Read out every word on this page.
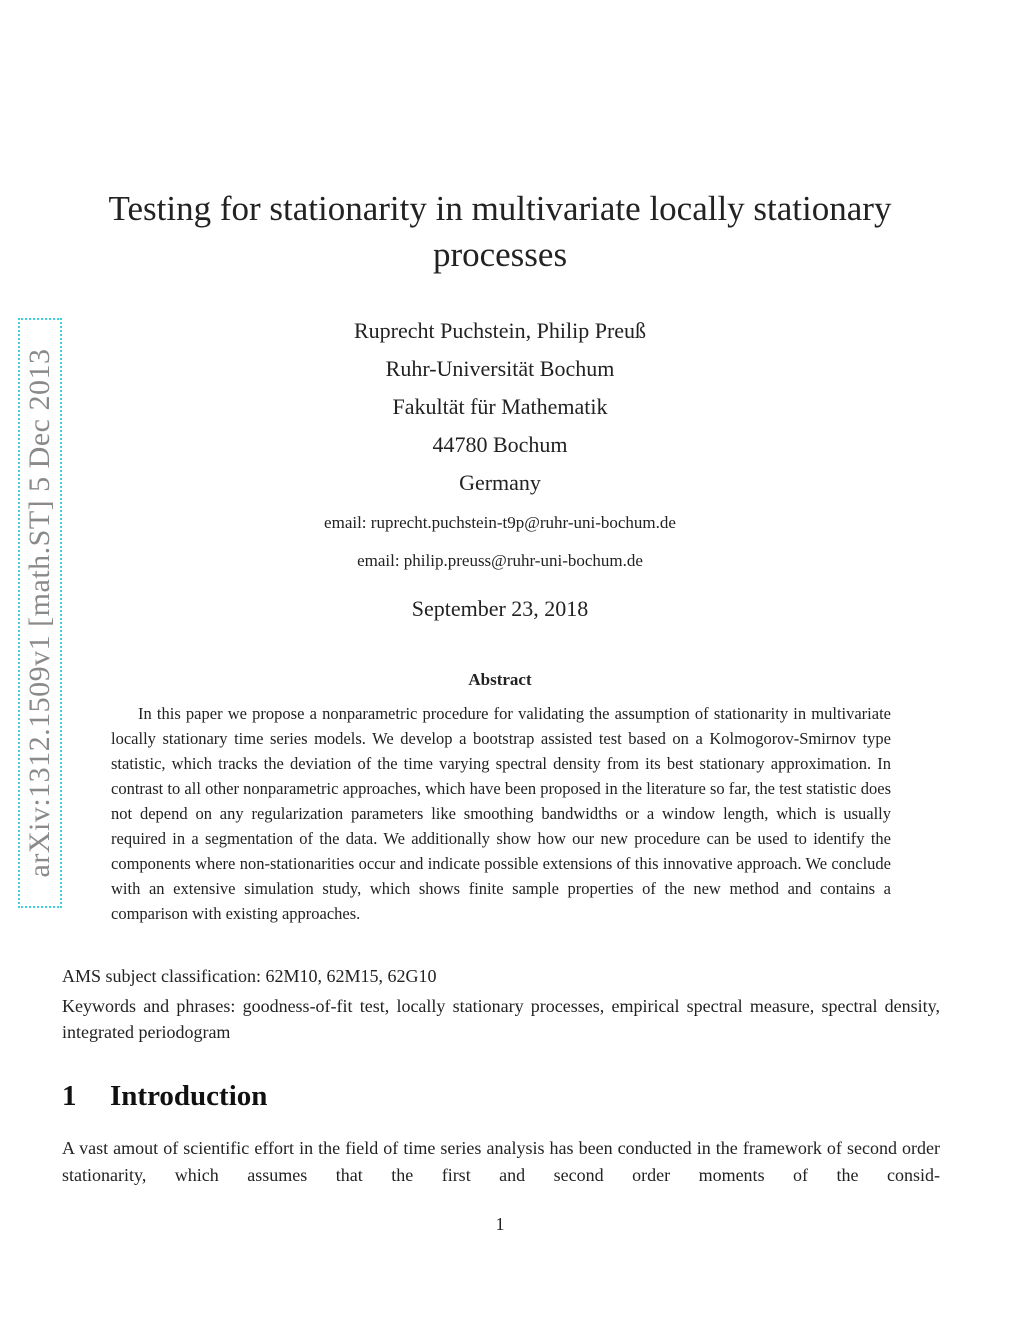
arXiv:1312.1509v1 [math.ST] 5 Dec 2013
Testing for stationarity in multivariate locally stationary processes
Ruprecht Puchstein, Philip Preuß
Ruhr-Universität Bochum
Fakultät für Mathematik
44780 Bochum
Germany
email: ruprecht.puchstein-t9p@ruhr-uni-bochum.de
email: philip.preuss@ruhr-uni-bochum.de
September 23, 2018
Abstract

In this paper we propose a nonparametric procedure for validating the assumption of stationarity in multivariate locally stationary time series models. We develop a bootstrap assisted test based on a Kolmogorov-Smirnov type statistic, which tracks the deviation of the time varying spectral density from its best stationary approximation. In contrast to all other nonparametric approaches, which have been proposed in the literature so far, the test statistic does not depend on any regularization parameters like smoothing bandwidths or a window length, which is usually required in a segmentation of the data. We additionally show how our new procedure can be used to identify the components where non-stationarities occur and indicate possible extensions of this innovative approach. We conclude with an extensive simulation study, which shows finite sample properties of the new method and contains a comparison with existing approaches.

AMS subject classification: 62M10, 62M15, 62G10

Keywords and phrases: goodness-of-fit test, locally stationary processes, empirical spectral measure, spectral density, integrated periodogram

1 Introduction

A vast amout of scientific effort in the field of time series analysis has been conducted in the framework of second order stationarity, which assumes that the first and second order moments of the consid-

1
